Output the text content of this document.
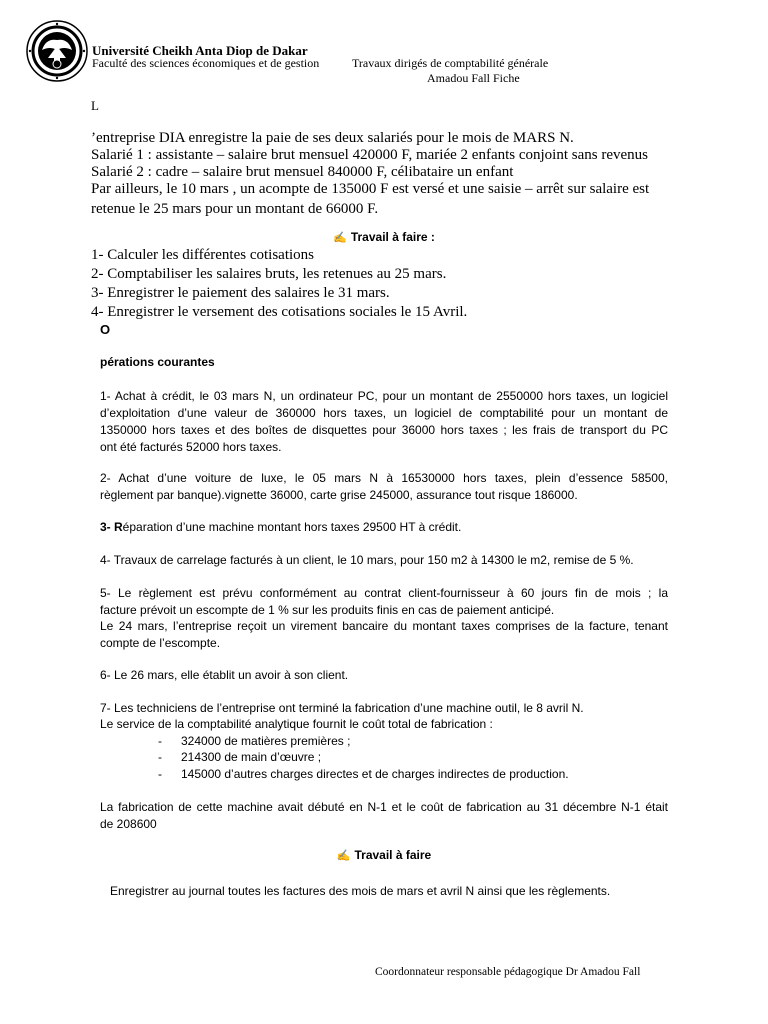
Université Cheikh Anta Diop de Dakar
Faculté des sciences économiques et de gestion	Travaux dirigés de comptabilité générale
Amadou Fall Fiche
L
’entreprise DIA enregistre la paie de ses deux salariés pour le mois de MARS N.
Salarié 1 : assistante – salaire brut mensuel 420000 F, mariée 2 enfants conjoint sans revenus
Salarié 2 : cadre – salaire brut mensuel 840000 F, célibataire un enfant
Par ailleurs, le 10 mars , un acompte de 135000 F est versé et une saisie – arrêt sur salaire est
retenue le 25 mars pour un montant de 66000 F.
✍ Travail à faire :
1- Calculer les différentes cotisations
2- Comptabiliser les salaires bruts, les retenues au 25 mars.
3- Enregistrer le paiement des salaires le 31 mars.
4- Enregistrer le versement des cotisations sociales le 15 Avril.
O
pérations courantes
1- Achat à crédit, le 03 mars N, un ordinateur PC, pour un montant de 2550000 hors taxes, un logiciel
d’exploitation d’une valeur de 360000 hors taxes, un logiciel de comptabilité pour un montant de
1350000 hors taxes et des boîtes de disquettes pour 36000 hors taxes ; les frais de transport du PC
ont été facturés 52000 hors taxes.
2- Achat d’une voiture de luxe, le 05 mars N à 16530000 hors taxes, plein d’essence 58500,
règlement par banque).vignette 36000, carte grise 245000, assurance tout risque 186000.
3- Réparation d’une machine montant hors taxes 29500 HT à crédit.
4- Travaux de carrelage facturés à un client, le 10 mars, pour 150 m2 à 14300 le m2, remise de 5 %.
5- Le règlement est prévu conformément au contrat client-fournisseur à 60 jours fin de mois ; la
facture prévoit un escompte de 1 % sur les produits finis en cas de paiement anticipé.
Le 24 mars, l’entreprise reçoit un virement bancaire du montant taxes comprises de la facture, tenant
compte de l’escompte.
6- Le 26 mars, elle établit un avoir à son client.
7- Les techniciens de l’entreprise ont terminé la fabrication d’une machine outil, le 8 avril N.
Le service de la comptabilité analytique fournit le coût total de fabrication :
- 324000 de matières premières ;
- 214300 de main d’œuvre ;
- 145000 d’autres charges directes et de charges indirectes de production.
La fabrication de cette machine avait débuté en N-1 et le coût de fabrication au 31 décembre N-1 était
de 208600
✍ Travail à faire
Enregistrer au journal toutes les factures des mois de mars et avril N ainsi que les règlements.
Coordonnateur responsable pédagogique Dr Amadou Fall
